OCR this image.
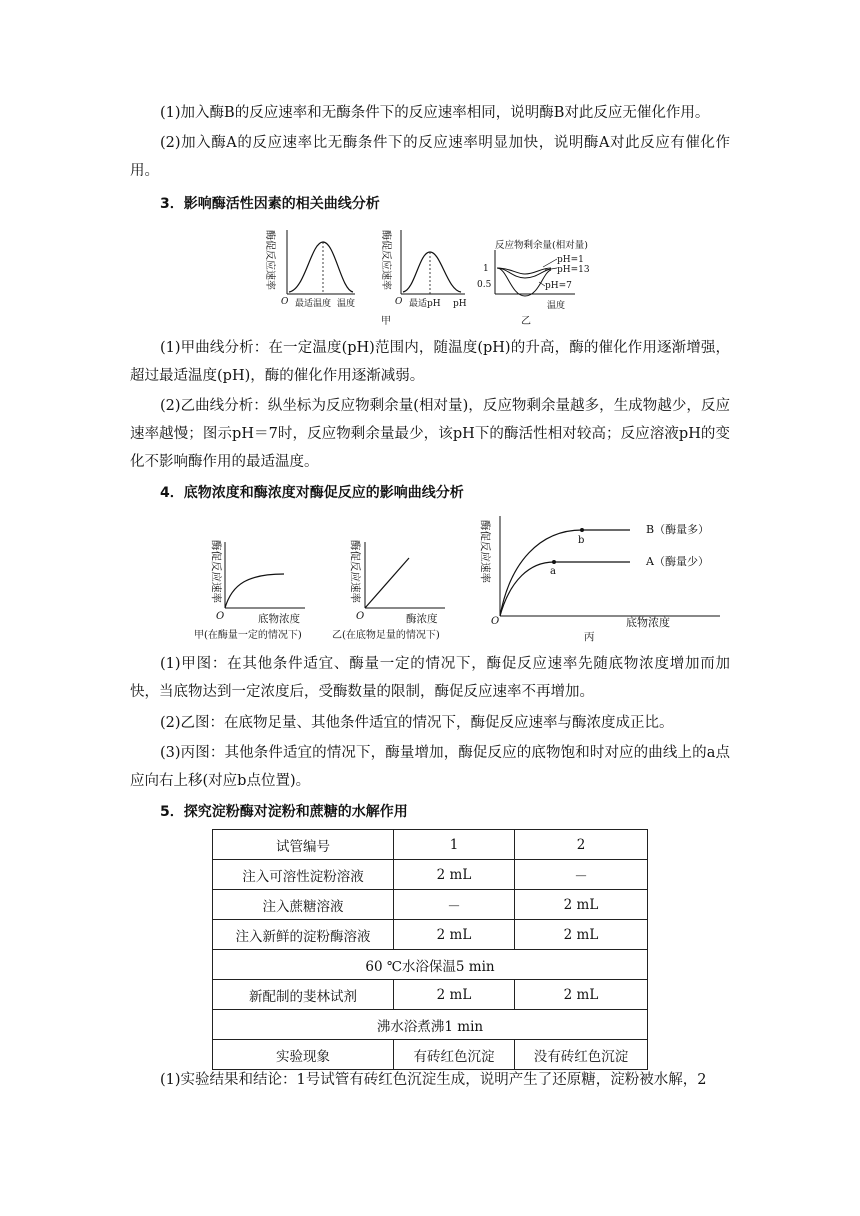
(1)加入酶B的反应速率和无酶条件下的反应速率相同，说明酶B对此反应无催化作用。
(2)加入酶A的反应速率比无酶条件下的反应速率明显加快，说明酶A对此反应有催化作用。
3．影响酶活性因素的相关曲线分析
酶促反应速率
O 最适温度 温度
酶促反应速率
O 最适pH pH
甲
反应物剩余量(相对量)
1
0.5
pH=1
pH=13
pH=7
温度
乙
(1)甲曲线分析：在一定温度(pH)范围内，随温度(pH)的升高，酶的催化作用逐渐增强，超过最适温度(pH)，酶的催化作用逐渐减弱。
(2)乙曲线分析：纵坐标为反应物剩余量(相对量)，反应物剩余量越多，生成物越少，反应速率越慢；图示pH＝7时，反应物剩余量最少，该pH下的酶活性相对较高；反应溶液pH的变化不影响酶作用的最适温度。
4．底物浓度和酶浓度对酶促反应的影响曲线分析
酶促反应速率
O	底物浓度
甲(在酶量一定的情况下)
酶促反应速率
O	酶浓度
乙(在底物足量的情况下)
酶促反应速率	b
a
B（酶量多）
A（酶量少）
O	底物浓度
丙
(1)甲图：在其他条件适宜、酶量一定的情况下，酶促反应速率先随底物浓度增加而加快，当底物达到一定浓度后，受酶数量的限制，酶促反应速率不再增加。
(2)乙图：在底物足量、其他条件适宜的情况下，酶促反应速率与酶浓度成正比。
(3)丙图：其他条件适宜的情况下，酶量增加，酶促反应的底物饱和时对应的曲线上的a点应向右上移(对应b点位置)。
5．探究淀粉酶对淀粉和蔗糖的水解作用
试管编号	1	2
注入可溶性淀粉溶液	2 mL	－
注入蔗糖溶液	－	2 mL
注入新鲜的淀粉酶溶液	2 mL	2 mL
60 ℃水浴保温5 min		
新配制的斐林试剂	2 mL	2 mL
沸水浴煮沸1 min		
实验现象	有砖红色沉淀	没有砖红色沉淀
(1)实验结果和结论：1号试管有砖红色沉淀生成，说明产生了还原糖，淀粉被水解，2
